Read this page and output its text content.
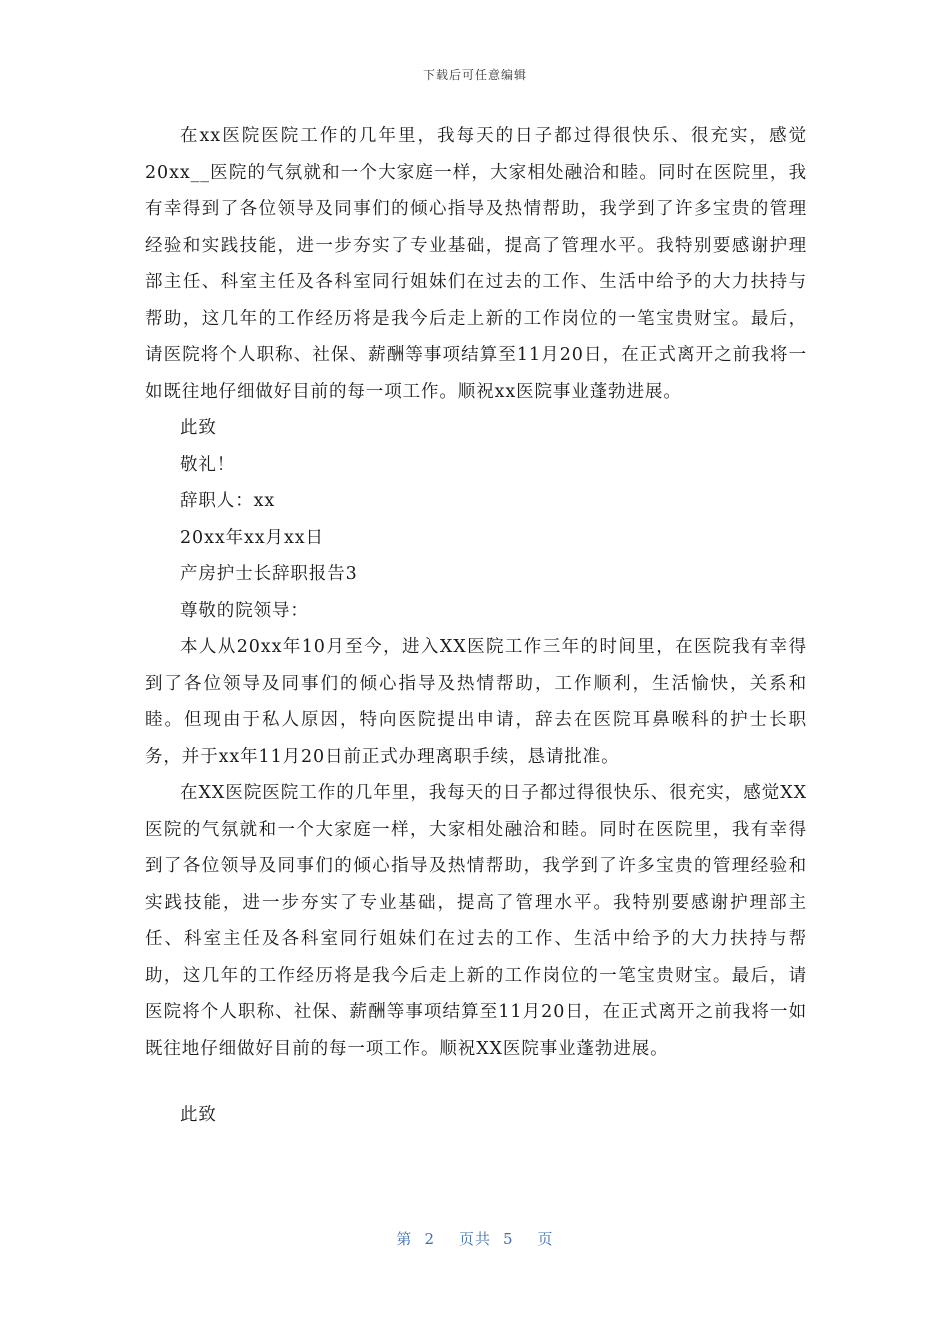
下载后可任意编辑

在xx医院医院工作的几年里，我每天的日子都过得很快乐、很充实，感觉20xx__医院的气氛就和一个大家庭一样，大家相处融洽和睦。同时在医院里，我有幸得到了各位领导及同事们的倾心指导及热情帮助，我学到了许多宝贵的管理经验和实践技能，进一步夯实了专业基础，提高了管理水平。我特别要感谢护理部主任、科室主任及各科室同行姐妹们在过去的工作、生活中给予的大力扶持与帮助，这几年的工作经历将是我今后走上新的工作岗位的一笔宝贵财宝。最后，请医院将个人职称、社保、薪酬等事项结算至11月20日，在正式离开之前我将一如既往地仔细做好目前的每一项工作。顺祝xx医院事业蓬勃进展。

此致

敬礼！

辞职人：xx

20xx年xx月xx日

产房护士长辞职报告3

尊敬的院领导：

本人从20xx年10月至今，进入XX医院工作三年的时间里，在医院我有幸得到了各位领导及同事们的倾心指导及热情帮助，工作顺利，生活愉快，关系和睦。但现由于私人原因，特向医院提出申请，辞去在医院耳鼻喉科的护士长职务，并于xx年11月20日前正式办理离职手续，恳请批准。

在XX医院医院工作的几年里，我每天的日子都过得很快乐、很充实，感觉XX医院的气氛就和一个大家庭一样，大家相处融洽和睦。同时在医院里，我有幸得到了各位领导及同事们的倾心指导及热情帮助，我学到了许多宝贵的管理经验和实践技能，进一步夯实了专业基础，提高了管理水平。我特别要感谢护理部主任、科室主任及各科室同行姐妹们在过去的工作、生活中给予的大力扶持与帮助，这几年的工作经历将是我今后走上新的工作岗位的一笔宝贵财宝。最后，请医院将个人职称、社保、薪酬等事项结算至11月20日，在正式离开之前我将一如既往地仔细做好目前的每一项工作。顺祝XX医院事业蓬勃进展。

此致

第 2 页共 5 页
